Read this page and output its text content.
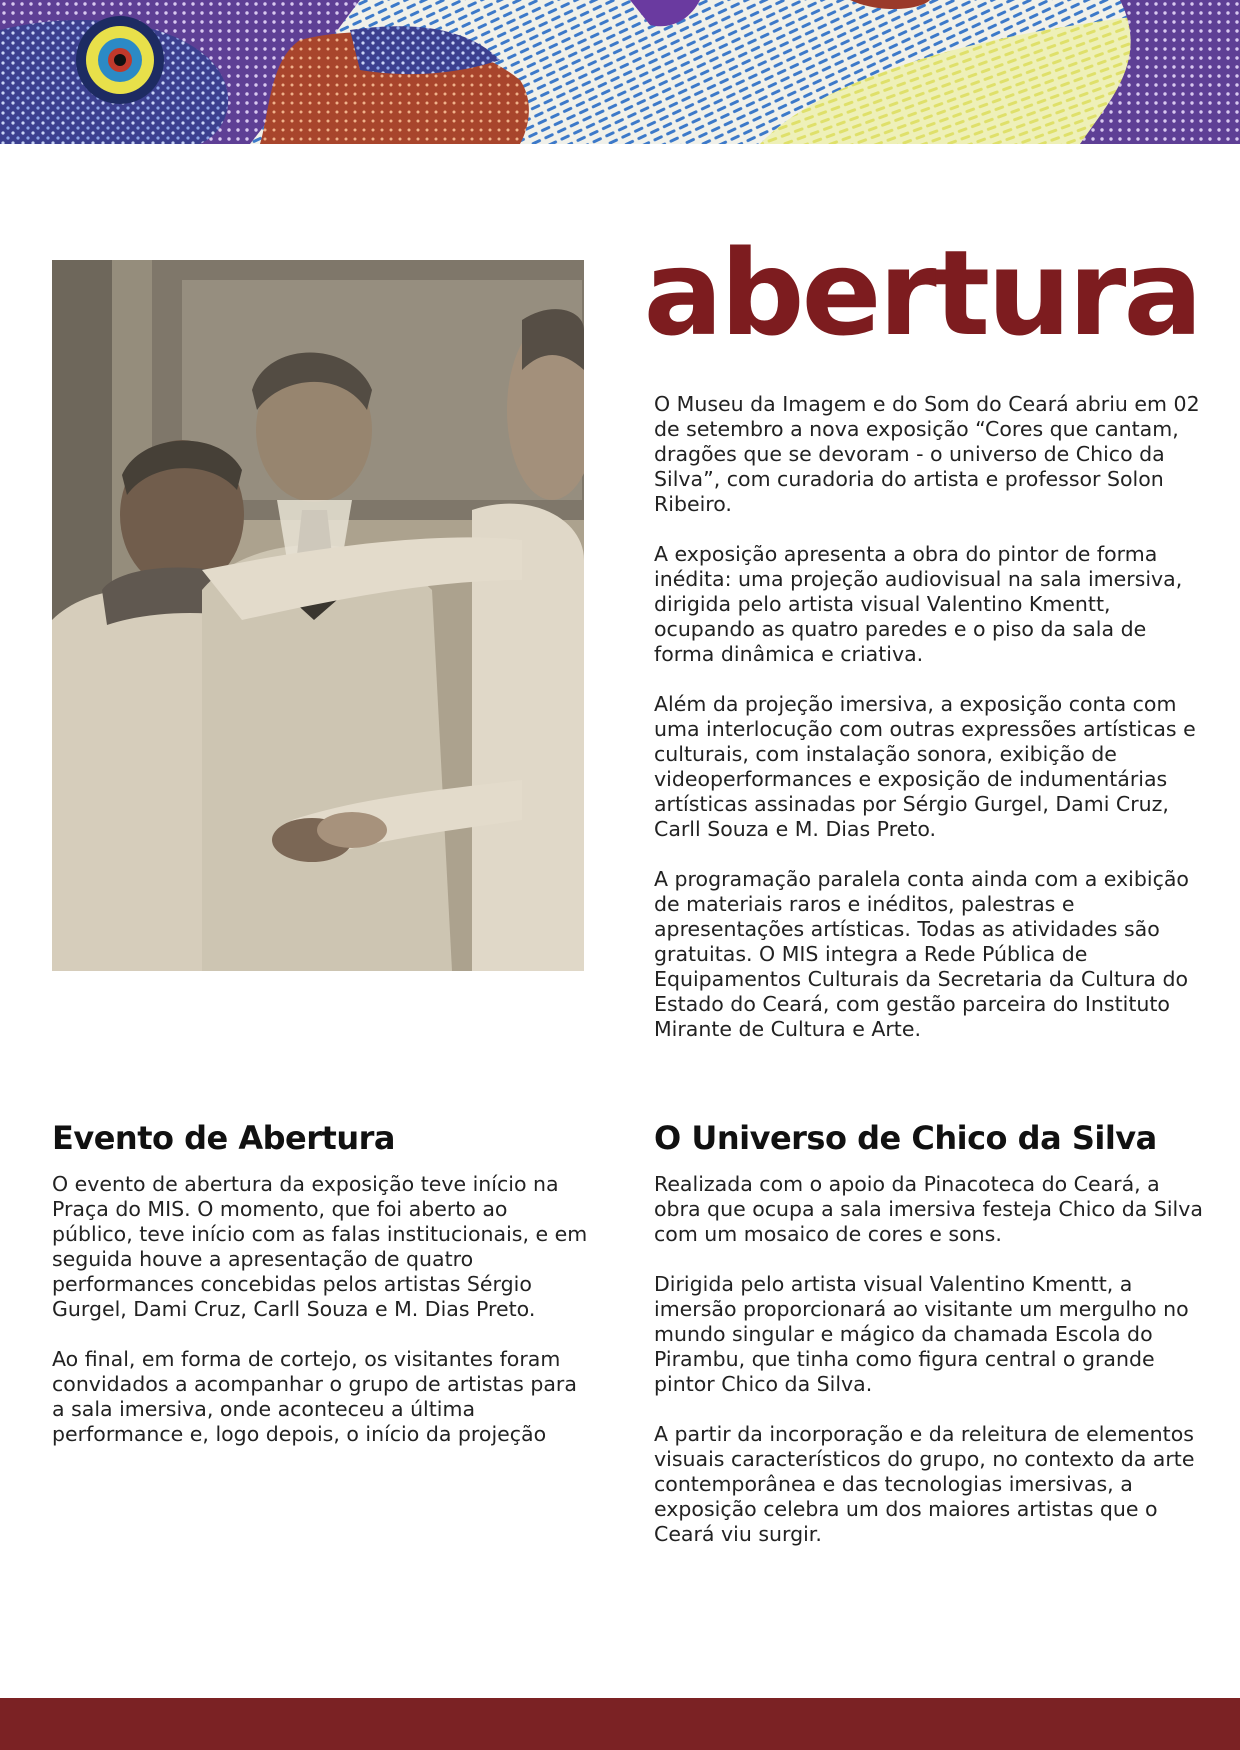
abertura

O Museu da Imagem e do Som do Ceará abriu em 02 de setembro a nova exposição “Cores que cantam, dragões que se devoram - o universo de Chico da Silva”, com curadoria do artista e professor Solon Ribeiro.

A exposição apresenta a obra do pintor de forma inédita: uma projeção audiovisual na sala imersiva, dirigida pelo artista visual Valentino Kmentt, ocupando as quatro paredes e o piso da sala de forma dinâmica e criativa.

Além da projeção imersiva, a exposição conta com uma interlocução com outras expressões artísticas e culturais, com instalação sonora, exibição de videoperformances e exposição de indumentárias artísticas assinadas por Sérgio Gurgel, Dami Cruz, Carll Souza e M. Dias Preto.

A programação paralela conta ainda com a exibição de materiais raros e inéditos, palestras e apresentações artísticas. Todas as atividades são gratuitas. O MIS integra a Rede Pública de Equipamentos Culturais da Secretaria da Cultura do Estado do Ceará, com gestão parceira do Instituto Mirante de Cultura e Arte.

Evento de Abertura

O evento de abertura da exposição teve início na Praça do MIS. O momento, que foi aberto ao público, teve início com as falas institucionais, e em seguida houve a apresentação de quatro performances concebidas pelos artistas Sérgio Gurgel, Dami Cruz, Carll Souza e M. Dias Preto.

Ao final, em forma de cortejo, os visitantes foram convidados a acompanhar o grupo de artistas para a sala imersiva, onde aconteceu a última performance e, logo depois, o início da projeção

O Universo de Chico da Silva

Realizada com o apoio da Pinacoteca do Ceará, a obra que ocupa a sala imersiva festeja Chico da Silva com um mosaico de cores e sons.

Dirigida pelo artista visual Valentino Kmentt, a imersão proporcionará ao visitante um mergulho no mundo singular e mágico da chamada Escola do Pirambu, que tinha como figura central o grande pintor Chico da Silva.

A partir da incorporação e da releitura de elementos visuais característicos do grupo, no contexto da arte contemporânea e das tecnologias imersivas, a exposição celebra um dos maiores artistas que o Ceará viu surgir.
